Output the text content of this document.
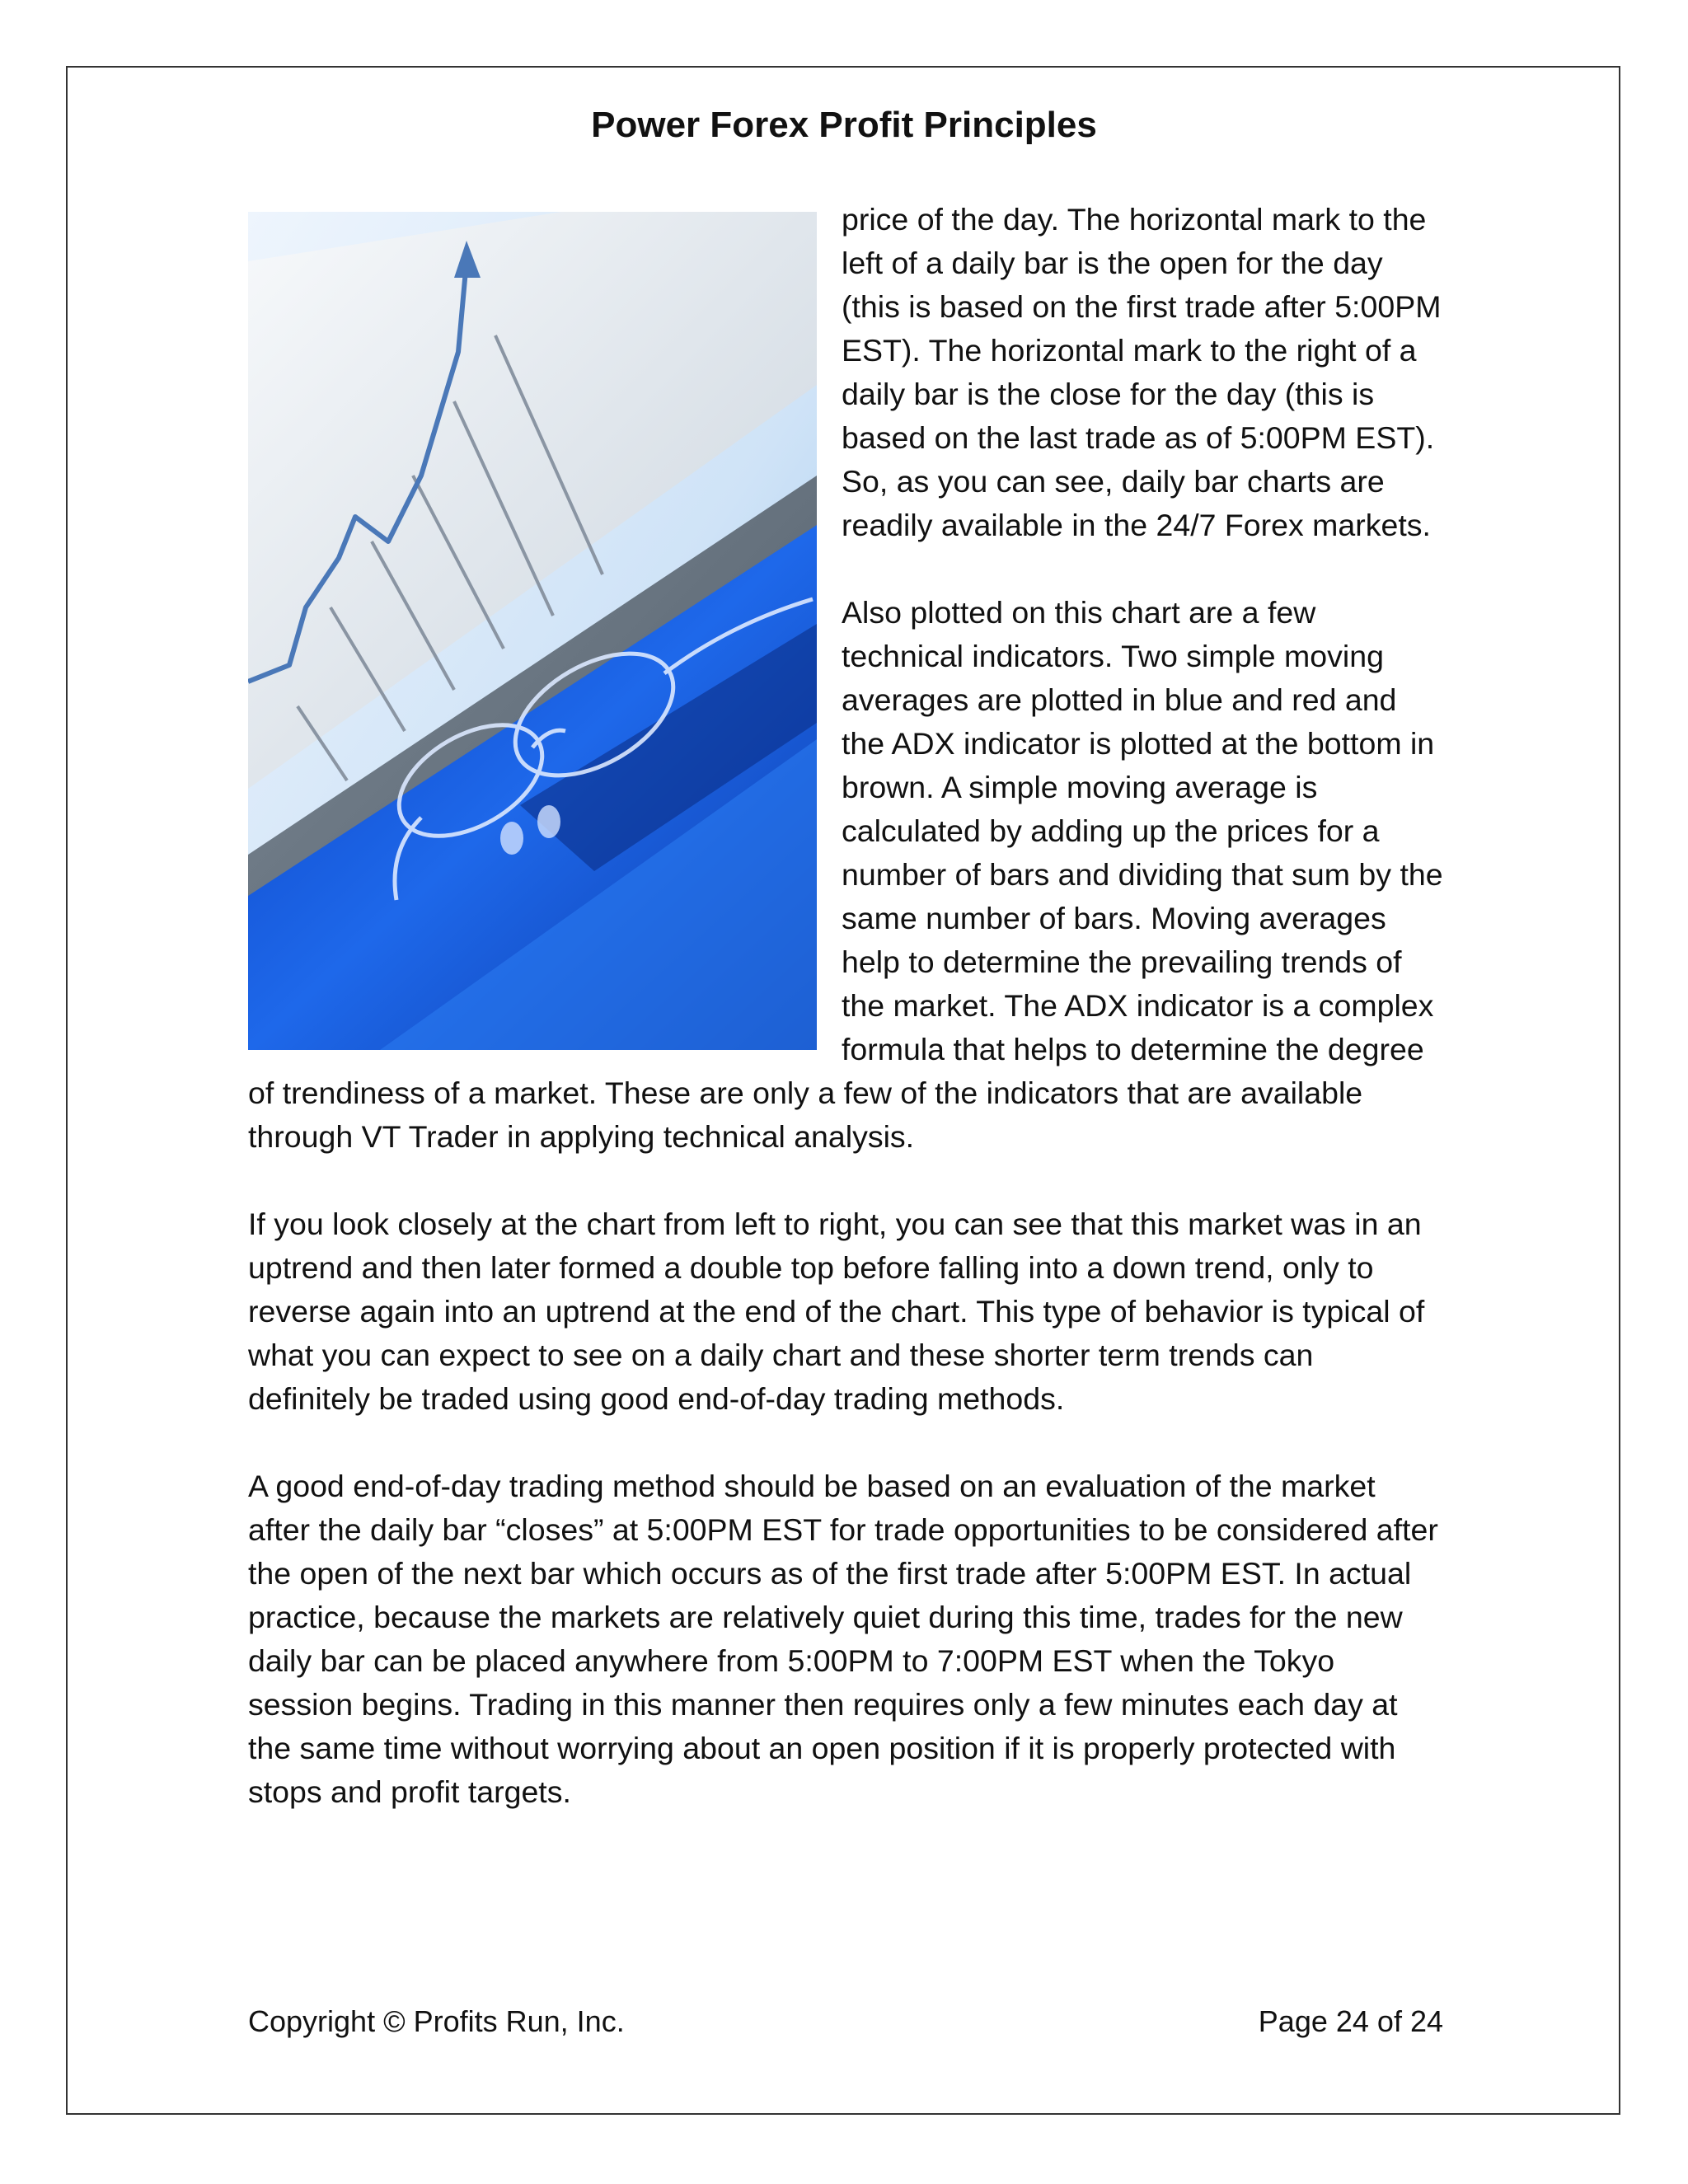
Power Forex Profit Principles

price of the day. The horizontal mark to the left of a daily bar is the open for the day (this is based on the first trade after 5:00PM EST). The horizontal mark to the right of a daily bar is the close for the day (this is based on the last trade as of 5:00PM EST). So, as you can see, daily bar charts are readily available in the 24/7 Forex markets.

Also plotted on this chart are a few technical indicators. Two simple moving averages are plotted in blue and red and the ADX indicator is plotted at the bottom in brown. A simple moving average is calculated by adding up the prices for a number of bars and dividing that sum by the same number of bars. Moving averages help to determine the prevailing trends of the market. The ADX indicator is a complex formula that helps to determine the degree of trendiness of a market. These are only a few of the indicators that are available through VT Trader in applying technical analysis.

If you look closely at the chart from left to right, you can see that this market was in an uptrend and then later formed a double top before falling into a down trend, only to reverse again into an uptrend at the end of the chart. This type of behavior is typical of what you can expect to see on a daily chart and these shorter term trends can definitely be traded using good end-of-day trading methods.

A good end-of-day trading method should be based on an evaluation of the market after the daily bar “closes” at 5:00PM EST for trade opportunities to be considered after the open of the next bar which occurs as of the first trade after 5:00PM EST. In actual practice, because the markets are relatively quiet during this time, trades for the new daily bar can be placed anywhere from 5:00PM to 7:00PM EST when the Tokyo session begins. Trading in this manner then requires only a few minutes each day at the same time without worrying about an open position if it is properly protected with stops and profit targets.

Copyright © Profits Run, Inc.	Page 24 of 24
